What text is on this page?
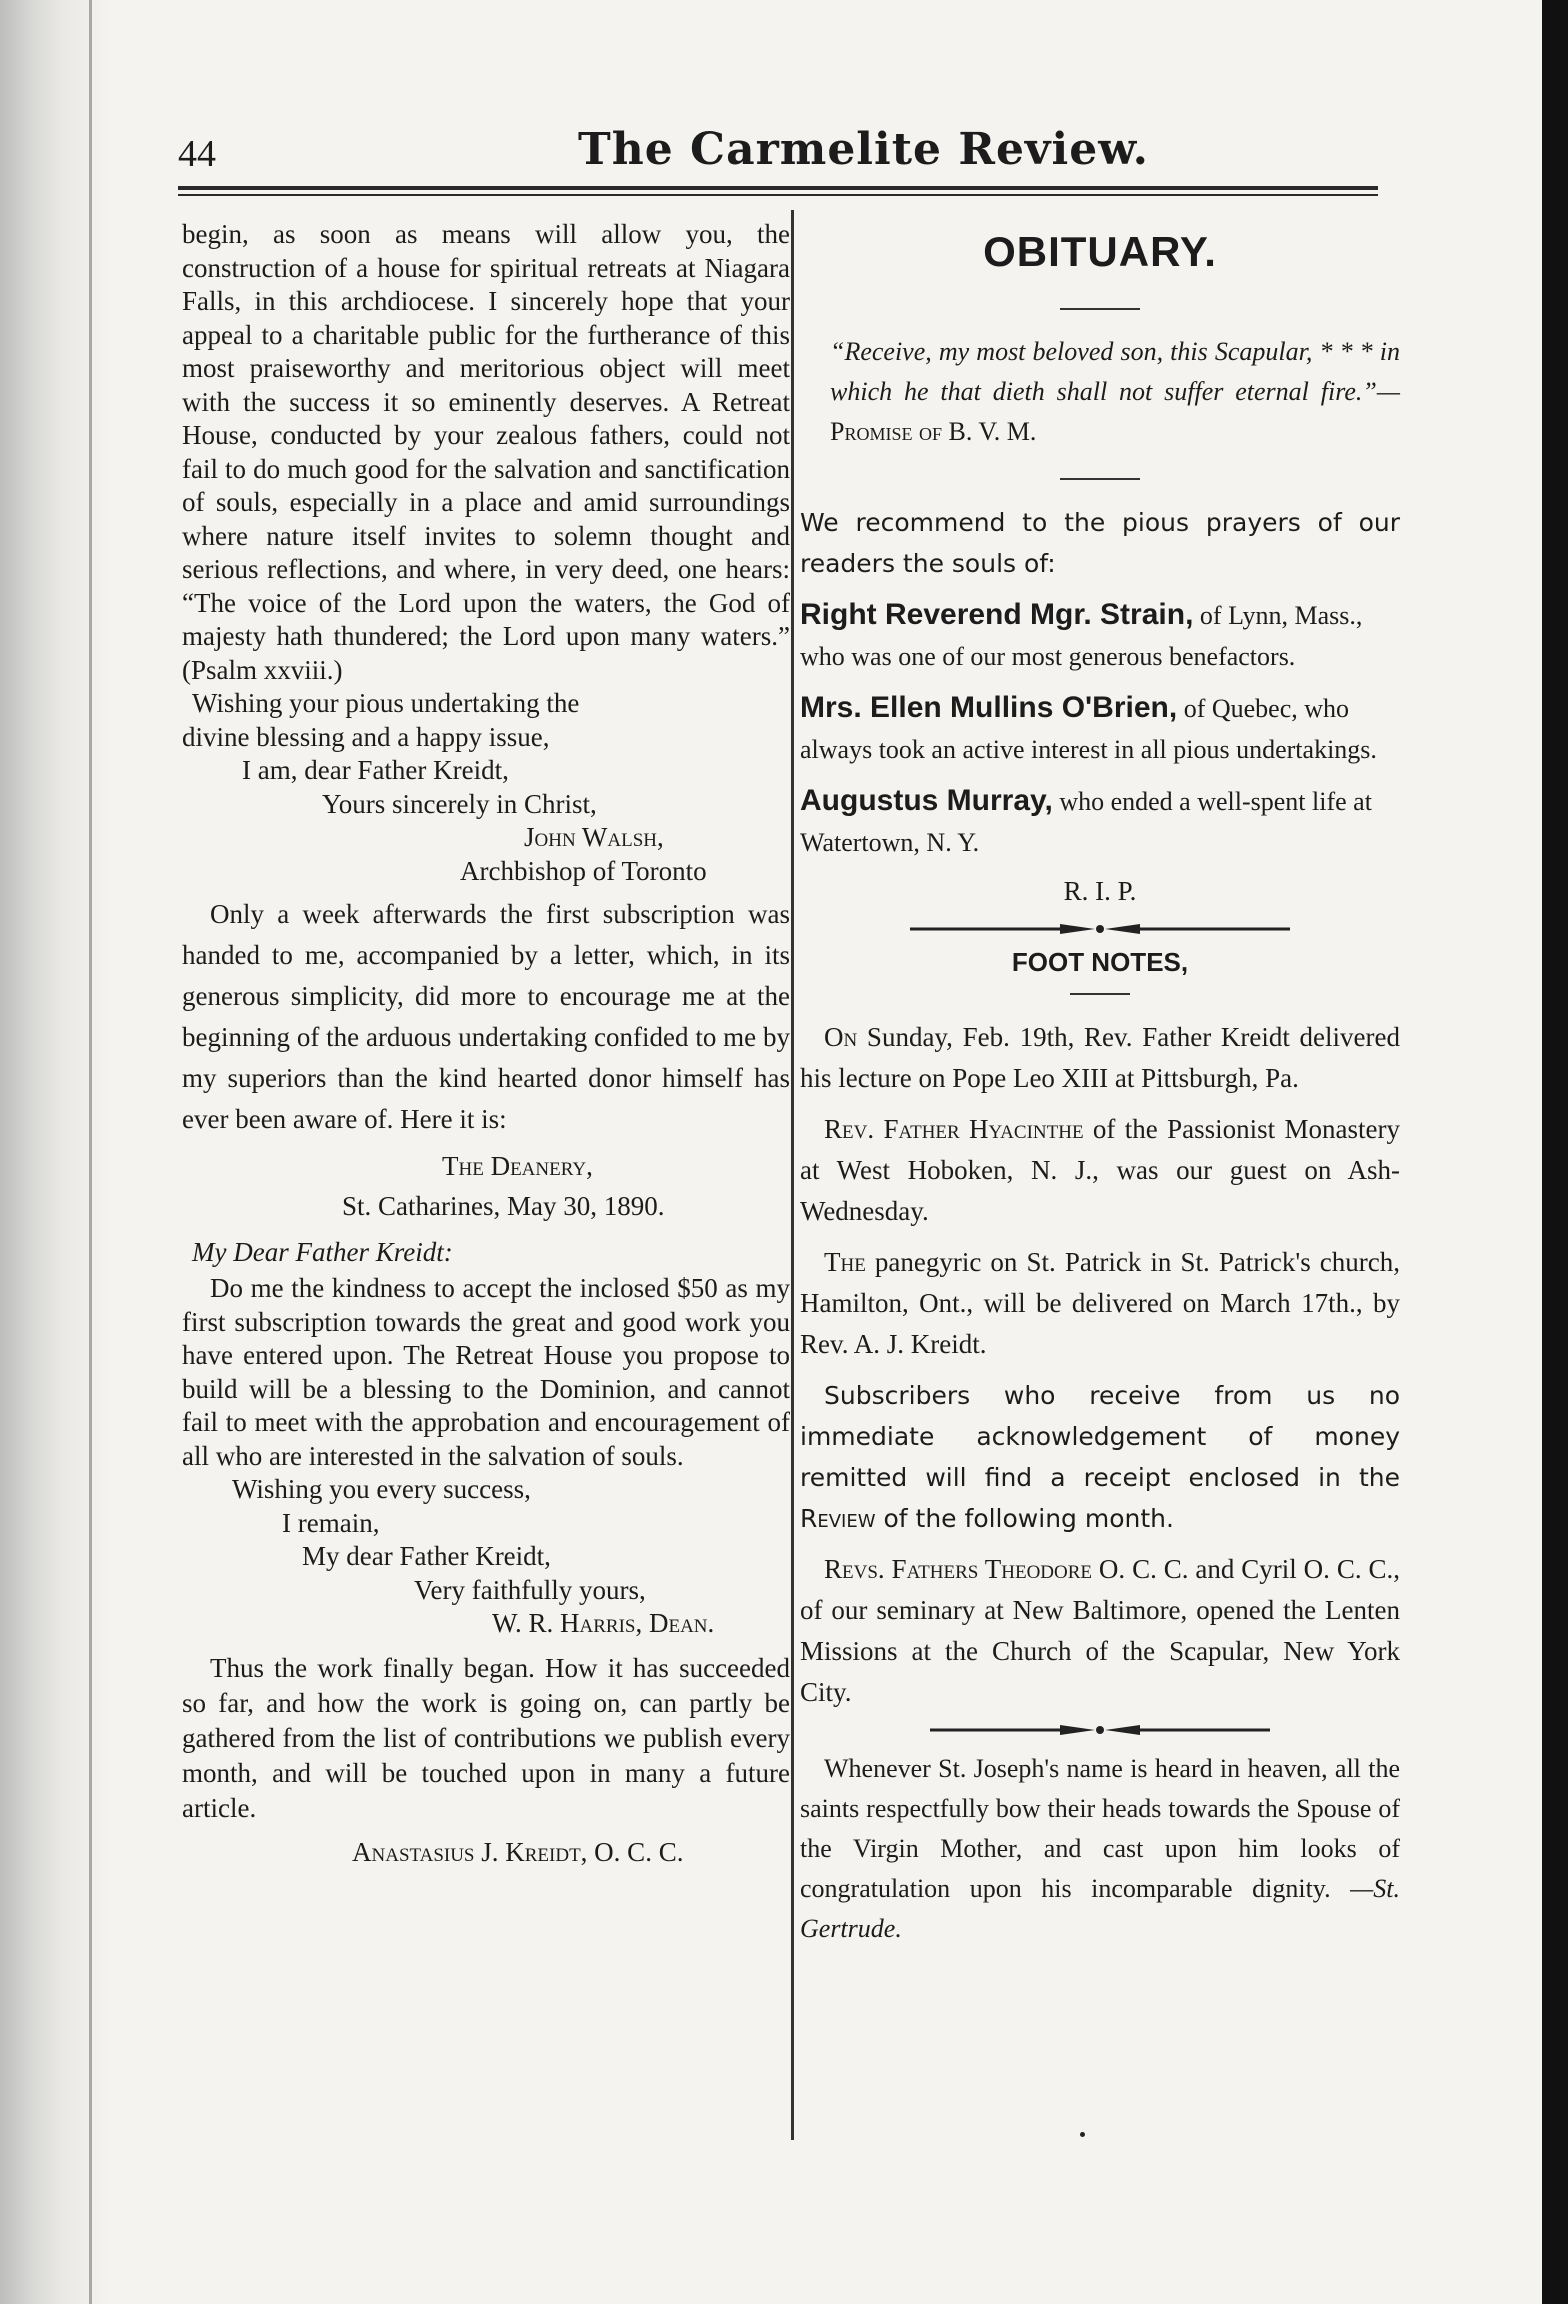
44	The Carmelite Review.

begin, as soon as means will allow you, the construction of a house for spiritual retreats at Niagara Falls, in this archdiocese. I sincerely hope that your appeal to a charitable public for the furtherance of this most praiseworthy and meritorious object will meet with the success it so eminently deserves. A Retreat House, conducted by your zealous fathers, could not fail to do much good for the salvation and sanctification of souls, especially in a place and amid surroundings where nature itself invites to solemn thought and serious reflections, and where, in very deed, one hears: “The voice of the Lord upon the waters, the God of majesty hath thundered; the Lord upon many waters.” (Psalm xxviii.)

Wishing your pious undertaking the

divine blessing and a happy issue,

I am, dear Father Kreidt,

Yours sincerely in Christ,

John Walsh,

Archbishop of Toronto

Only a week afterwards the first subscription was handed to me, accompanied by a letter, which, in its generous simplicity, did more to encourage me at the beginning of the arduous undertaking confided to me by my superiors than the kind hearted donor himself has ever been aware of. Here it is:

The Deanery,

St. Catharines, May 30, 1890.

My Dear Father Kreidt:

Do me the kindness to accept the inclosed $50 as my first subscription towards the great and good work you have entered upon. The Retreat House you propose to build will be a blessing to the Dominion, and cannot fail to meet with the approbation and encouragement of all who are interested in the salvation of souls.

Wishing you every success,

I remain,

My dear Father Kreidt,

Very faithfully yours,

W. R. Harris, Dean.

Thus the work finally began. How it has succeeded so far, and how the work is going on, can partly be gathered from the list of contributions we publish every month, and will be touched upon in many a future article.

Anastasius J. Kreidt, O. C. C.

OBITUARY.

“Receive, my most beloved son, this Scapular, * * * in which he that dieth shall not suffer eternal fire.”—Promise of B. V. M.

We recommend to the pious prayers of our readers the souls of:

Right Reverend Mgr. Strain, of Lynn, Mass., who was one of our most generous benefactors.

Mrs. Ellen Mullins O'Brien, of Quebec, who always took an active interest in all pious undertakings.

Augustus Murray, who ended a well-spent life at Watertown, N. Y.

R. I. P.

FOOT NOTES,

On Sunday, Feb. 19th, Rev. Father Kreidt delivered his lecture on Pope Leo XIII at Pittsburgh, Pa.

Rev. Father Hyacinthe of the Passionist Monastery at West Hoboken, N. J., was our guest on Ash-Wednesday.

The panegyric on St. Patrick in St. Patrick's church, Hamilton, Ont., will be delivered on March 17th., by Rev. A. J. Kreidt.

Subscribers who receive from us no immediate acknowledgement of money remitted will find a receipt enclosed in the Review of the following month.

Revs. Fathers Theodore O. C. C. and Cyril O. C. C., of our seminary at New Baltimore, opened the Lenten Missions at the Church of the Scapular, New York City.

Whenever St. Joseph's name is heard in heaven, all the saints respectfully bow their heads towards the Spouse of the Virgin Mother, and cast upon him looks of congratulation upon his incomparable dignity. —St. Gertrude.
